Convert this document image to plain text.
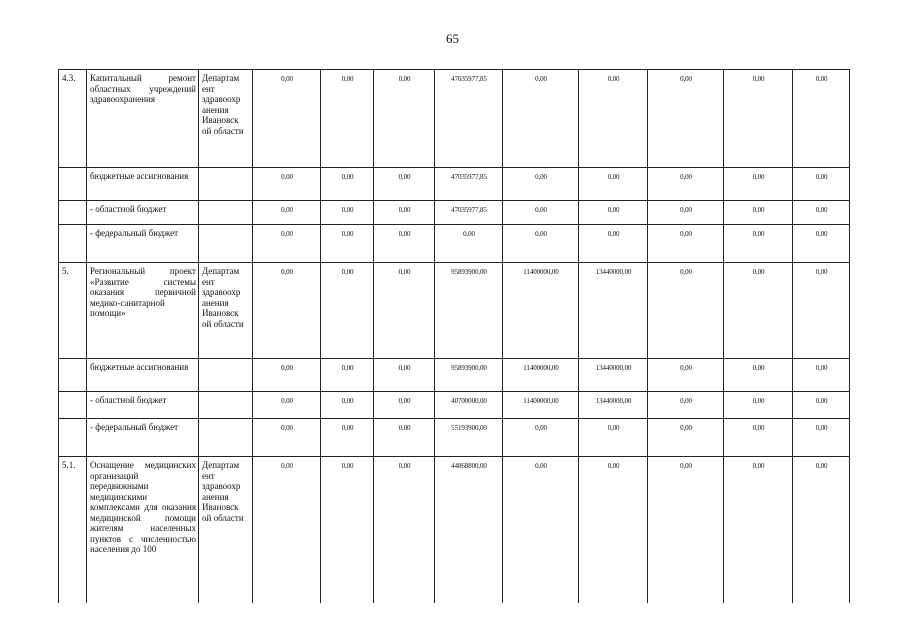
65
4.3.	Капитальный ремонт областных учреждений здравоохранения	Департам ент здравоохр анения Ивановск ой области	0,00	0,00	0,00	47035977,85	0,00	0,00	0,00	0,00	0,00
	бюджетные ассигнования		0,00	0,00	0,00	47035977,85	0,00	0,00	0,00	0,00	0,00
	- областной бюджет		0,00	0,00	0,00	47035977,85	0,00	0,00	0,00	0,00	0,00
	- федеральный бюджет		0,00	0,00	0,00	0,00	0,00	0,00	0,00	0,00	0,00
5.	Региональный проект «Развитие системы оказания первичной медико-санитарной помощи»	Департам ент здравоохр анения Ивановск ой области	0,00	0,00	0,00	95893900,00	11400000,00	13440000,00	0,00	0,00	0,00
	бюджетные ассигнования		0,00	0,00	0,00	95893900,00	11400000,00	13440000,00	0,00	0,00	0,00
	- областной бюджет		0,00	0,00	0,00	40700000,00	11400000,00	13440000,00	0,00	0,00	0,00
	- федеральный бюджет		0,00	0,00	0,00	55193900,00	0,00	0,00	0,00	0,00	0,00
5.1.	Оснащение медицинских организаций передвижными медицинскими комплексами для оказания медицинской помощи жителям населенных пунктов с численностью населения до 100	Департам ент здравоохр анения Ивановск ой области	0,00	0,00	0,00	44868800,00	0,00	0,00	0,00	0,00	0,00
